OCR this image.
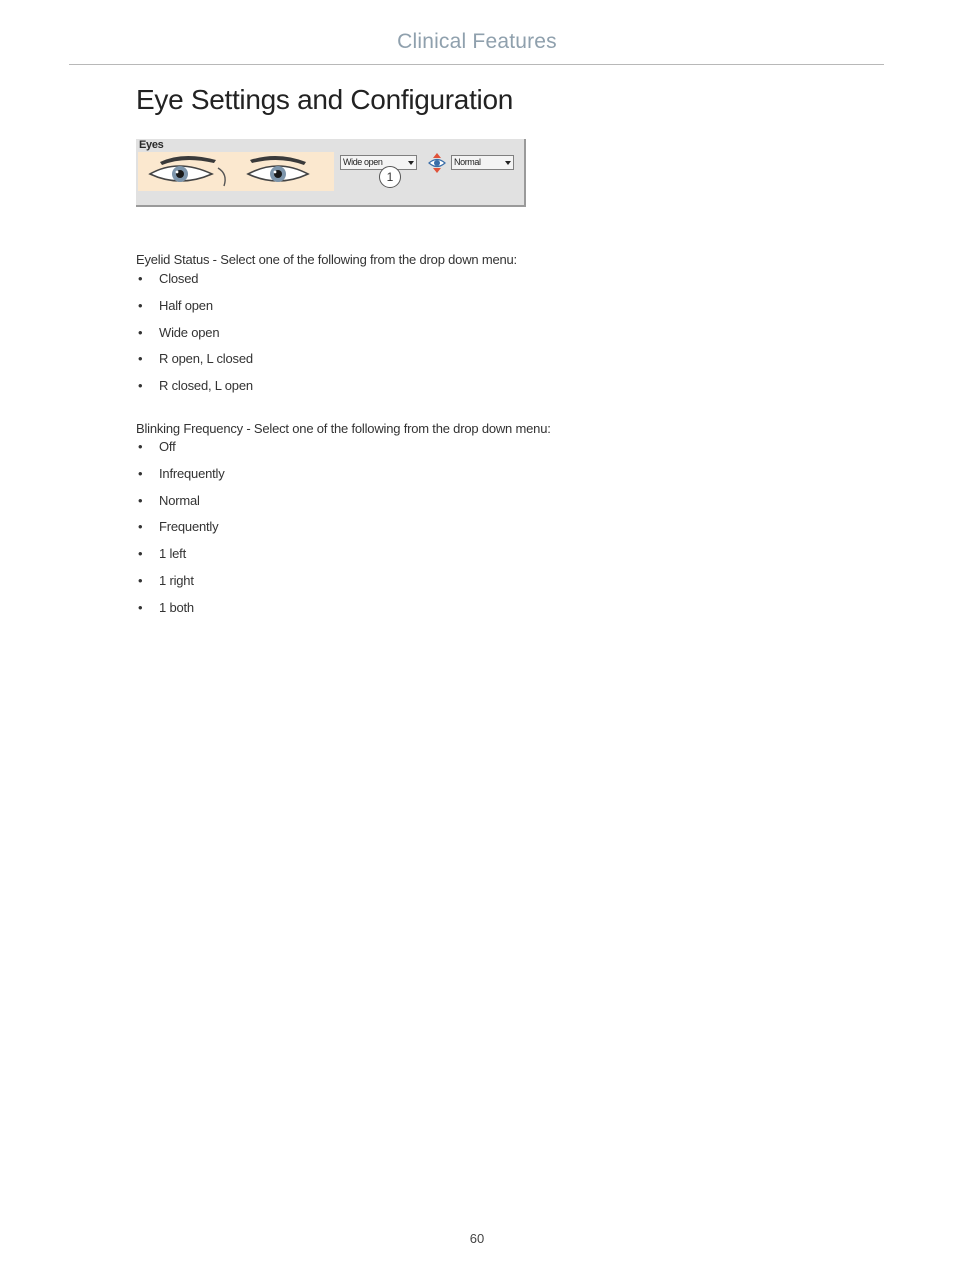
Clinical Features
Eye Settings and Configuration
Eyes
Wide open
1
Normal
Eyelid Status - Select one of the following from the drop down menu:
• Closed
• Half open
• Wide open
• R open, L closed
• R closed, L open
Blinking Frequency - Select one of the following from the drop down menu:
• Off
• Infrequently
• Normal
• Frequently
• 1 left
• 1 right
• 1 both
60
